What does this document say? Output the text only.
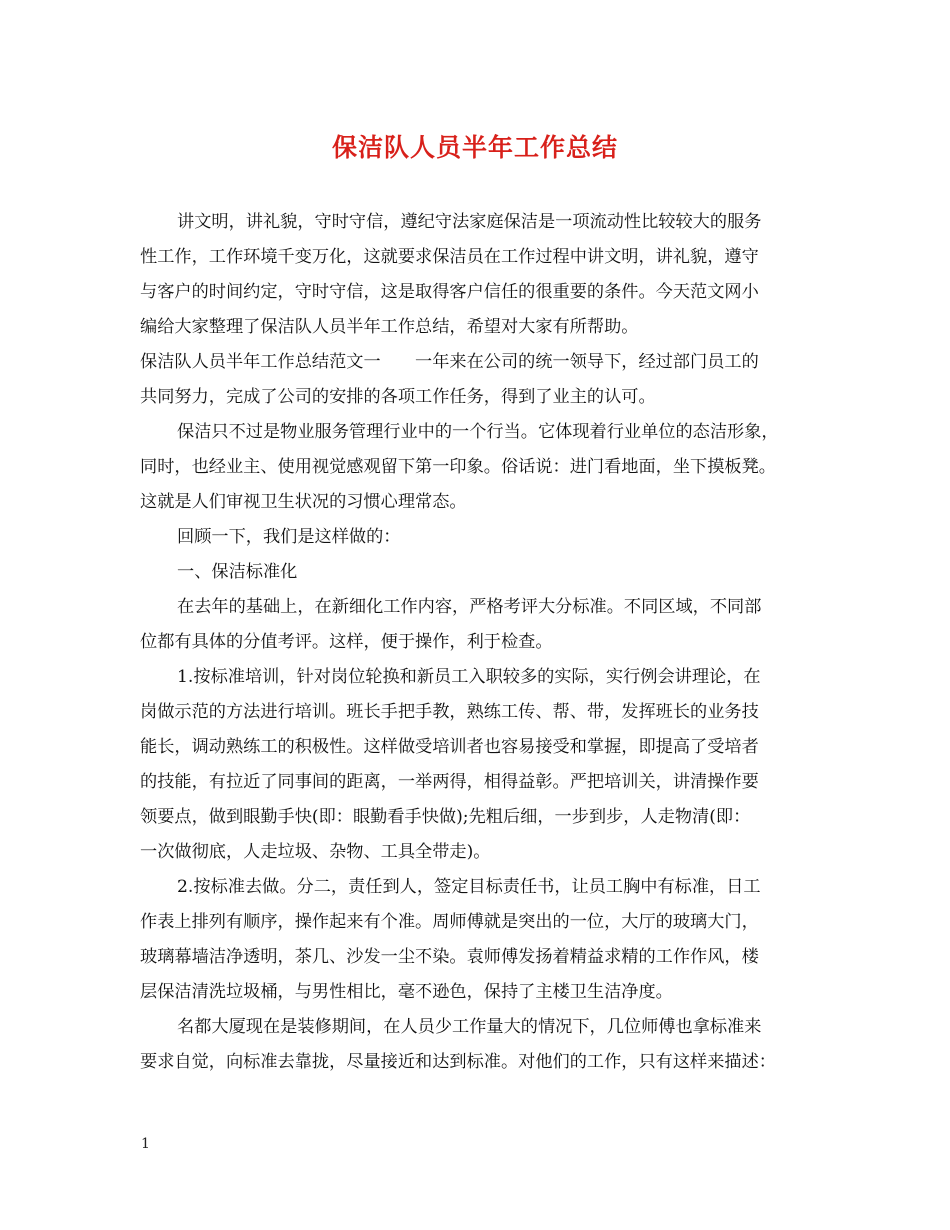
保洁队人员半年工作总结
讲文明，讲礼貌，守时守信，遵纪守法家庭保洁是一项流动性比较较大的服务
性工作，工作环境千变万化，这就要求保洁员在工作过程中讲文明，讲礼貌，遵守
与客户的时间约定，守时守信，这是取得客户信任的很重要的条件。今天范文网小
编给大家整理了保洁队人员半年工作总结，希望对大家有所帮助。
保洁队人员半年工作总结范文一　　一年来在公司的统一领导下，经过部门员工的
共同努力，完成了公司的安排的各项工作任务，得到了业主的认可。
保洁只不过是物业服务管理行业中的一个行当。它体现着行业单位的态洁形象，
同时，也经业主、使用视觉感观留下第一印象。俗话说：进门看地面，坐下摸板凳。
这就是人们审视卫生状况的习惯心理常态。
回顾一下，我们是这样做的：
一、保洁标准化
在去年的基础上，在新细化工作内容，严格考评大分标准。不同区域，不同部
位都有具体的分值考评。这样，便于操作，利于检查。
1.按标准培训，针对岗位轮换和新员工入职较多的实际，实行例会讲理论，在
岗做示范的方法进行培训。班长手把手教，熟练工传、帮、带，发挥班长的业务技
能长，调动熟练工的积极性。这样做受培训者也容易接受和掌握，即提高了受培者
的技能，有拉近了同事间的距离，一举两得，相得益彰。严把培训关，讲清操作要
领要点，做到眼勤手快(即：眼勤看手快做);先粗后细，一步到步，人走物清(即：
一次做彻底，人走垃圾、杂物、工具全带走)。
2.按标准去做。分二，责任到人，签定目标责任书，让员工胸中有标准，日工
作表上排列有顺序，操作起来有个准。周师傅就是突出的一位，大厅的玻璃大门，
玻璃幕墙洁净透明，茶几、沙发一尘不染。袁师傅发扬着精益求精的工作作风，楼
层保洁清洗垃圾桶，与男性相比，毫不逊色，保持了主楼卫生洁净度。
名都大厦现在是装修期间，在人员少工作量大的情况下，几位师傅也拿标准来
要求自觉，向标准去靠拢，尽量接近和达到标准。对他们的工作，只有这样来描述：
1
